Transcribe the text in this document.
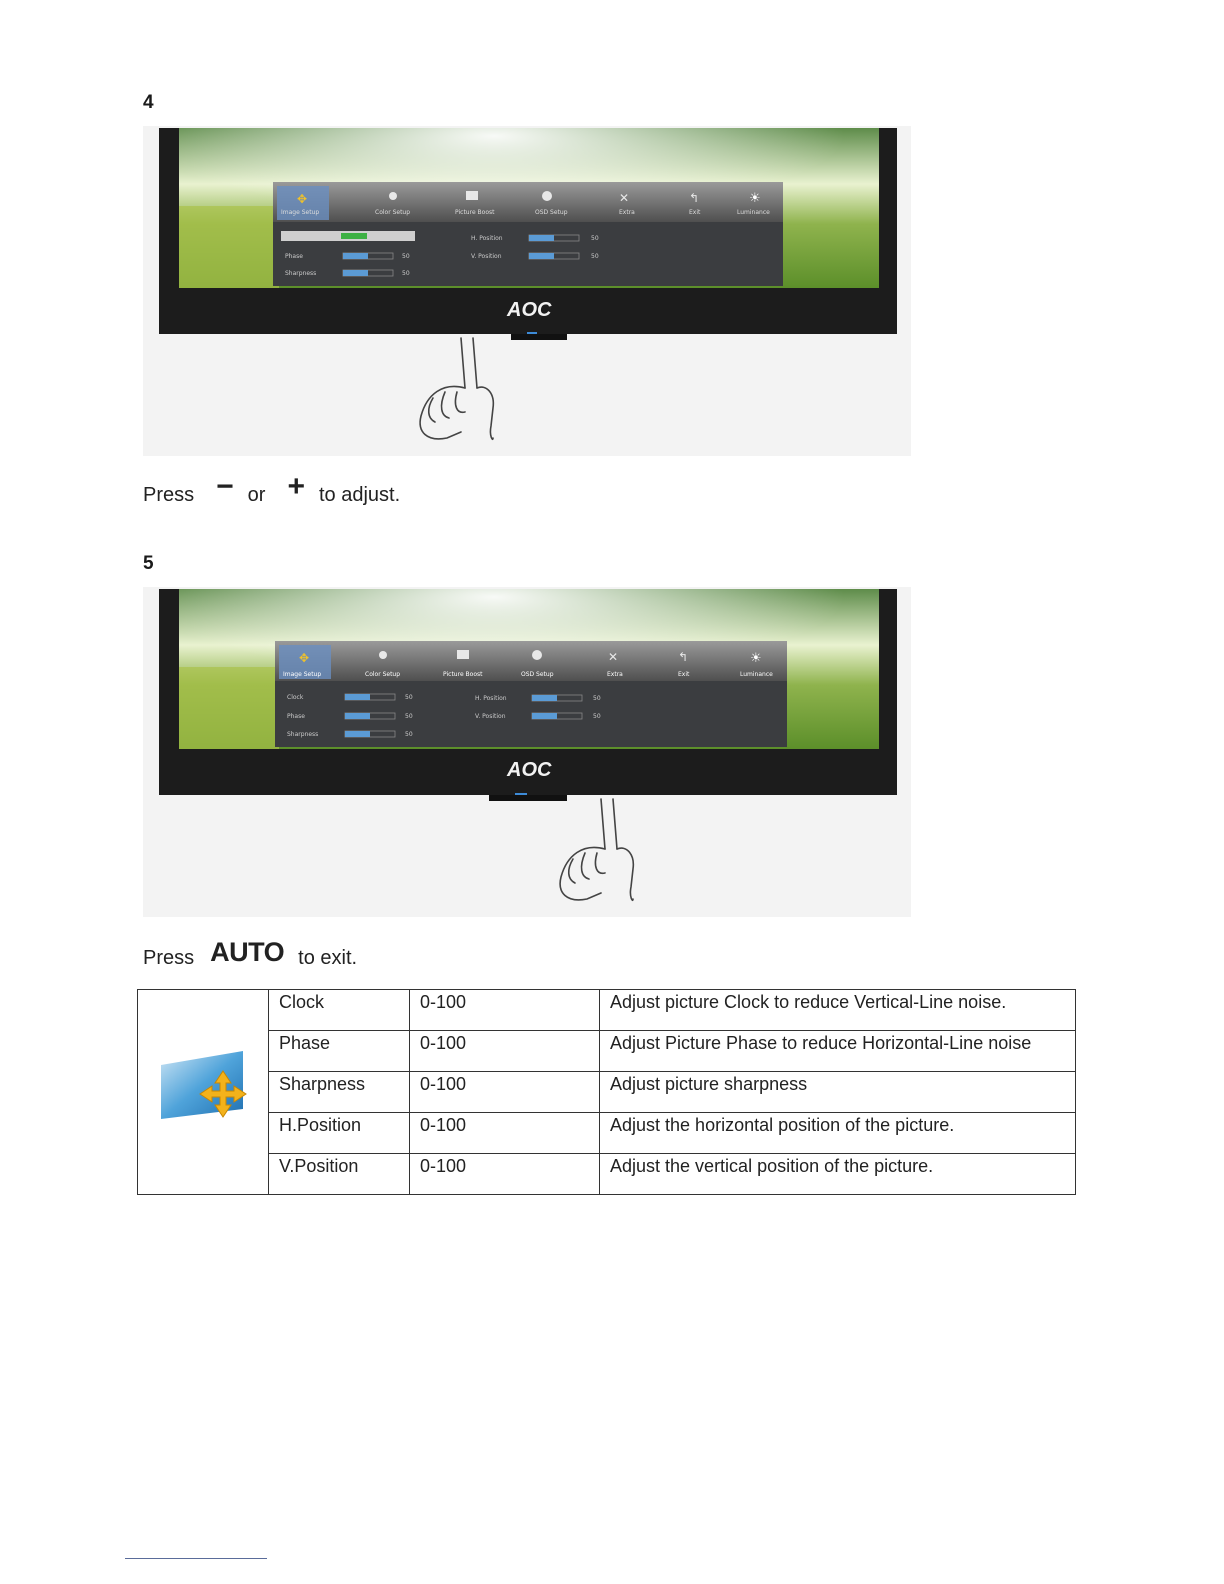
4
Image Setup	Color Setup	Picture Boost	OSD Setup	Extra	Exit	Luminance
✕	↰	☀
✥
Phase
Sharpness
50
50
H. Position
V. Position
50
50
AOC
Press − or + to adjust.
5
Image Setup	Color Setup	Picture Boost	OSD Setup	Extra	Exit	Luminance
✕	↰	☀
✥
Clock
Phase
Sharpness
50
50
50
H. Position
V. Position
50
50
AOC
Press AUTO to exit.
	Clock	0-100	Adjust picture Clock to reduce Vertical-Line noise.
	Phase	0-100	Adjust Picture Phase to reduce Horizontal-Line noise
	Sharpness	0-100	Adjust picture sharpness
	H.Position	0-100	Adjust the horizontal position of the picture.
	V.Position	0-100	Adjust the vertical position of the picture.
